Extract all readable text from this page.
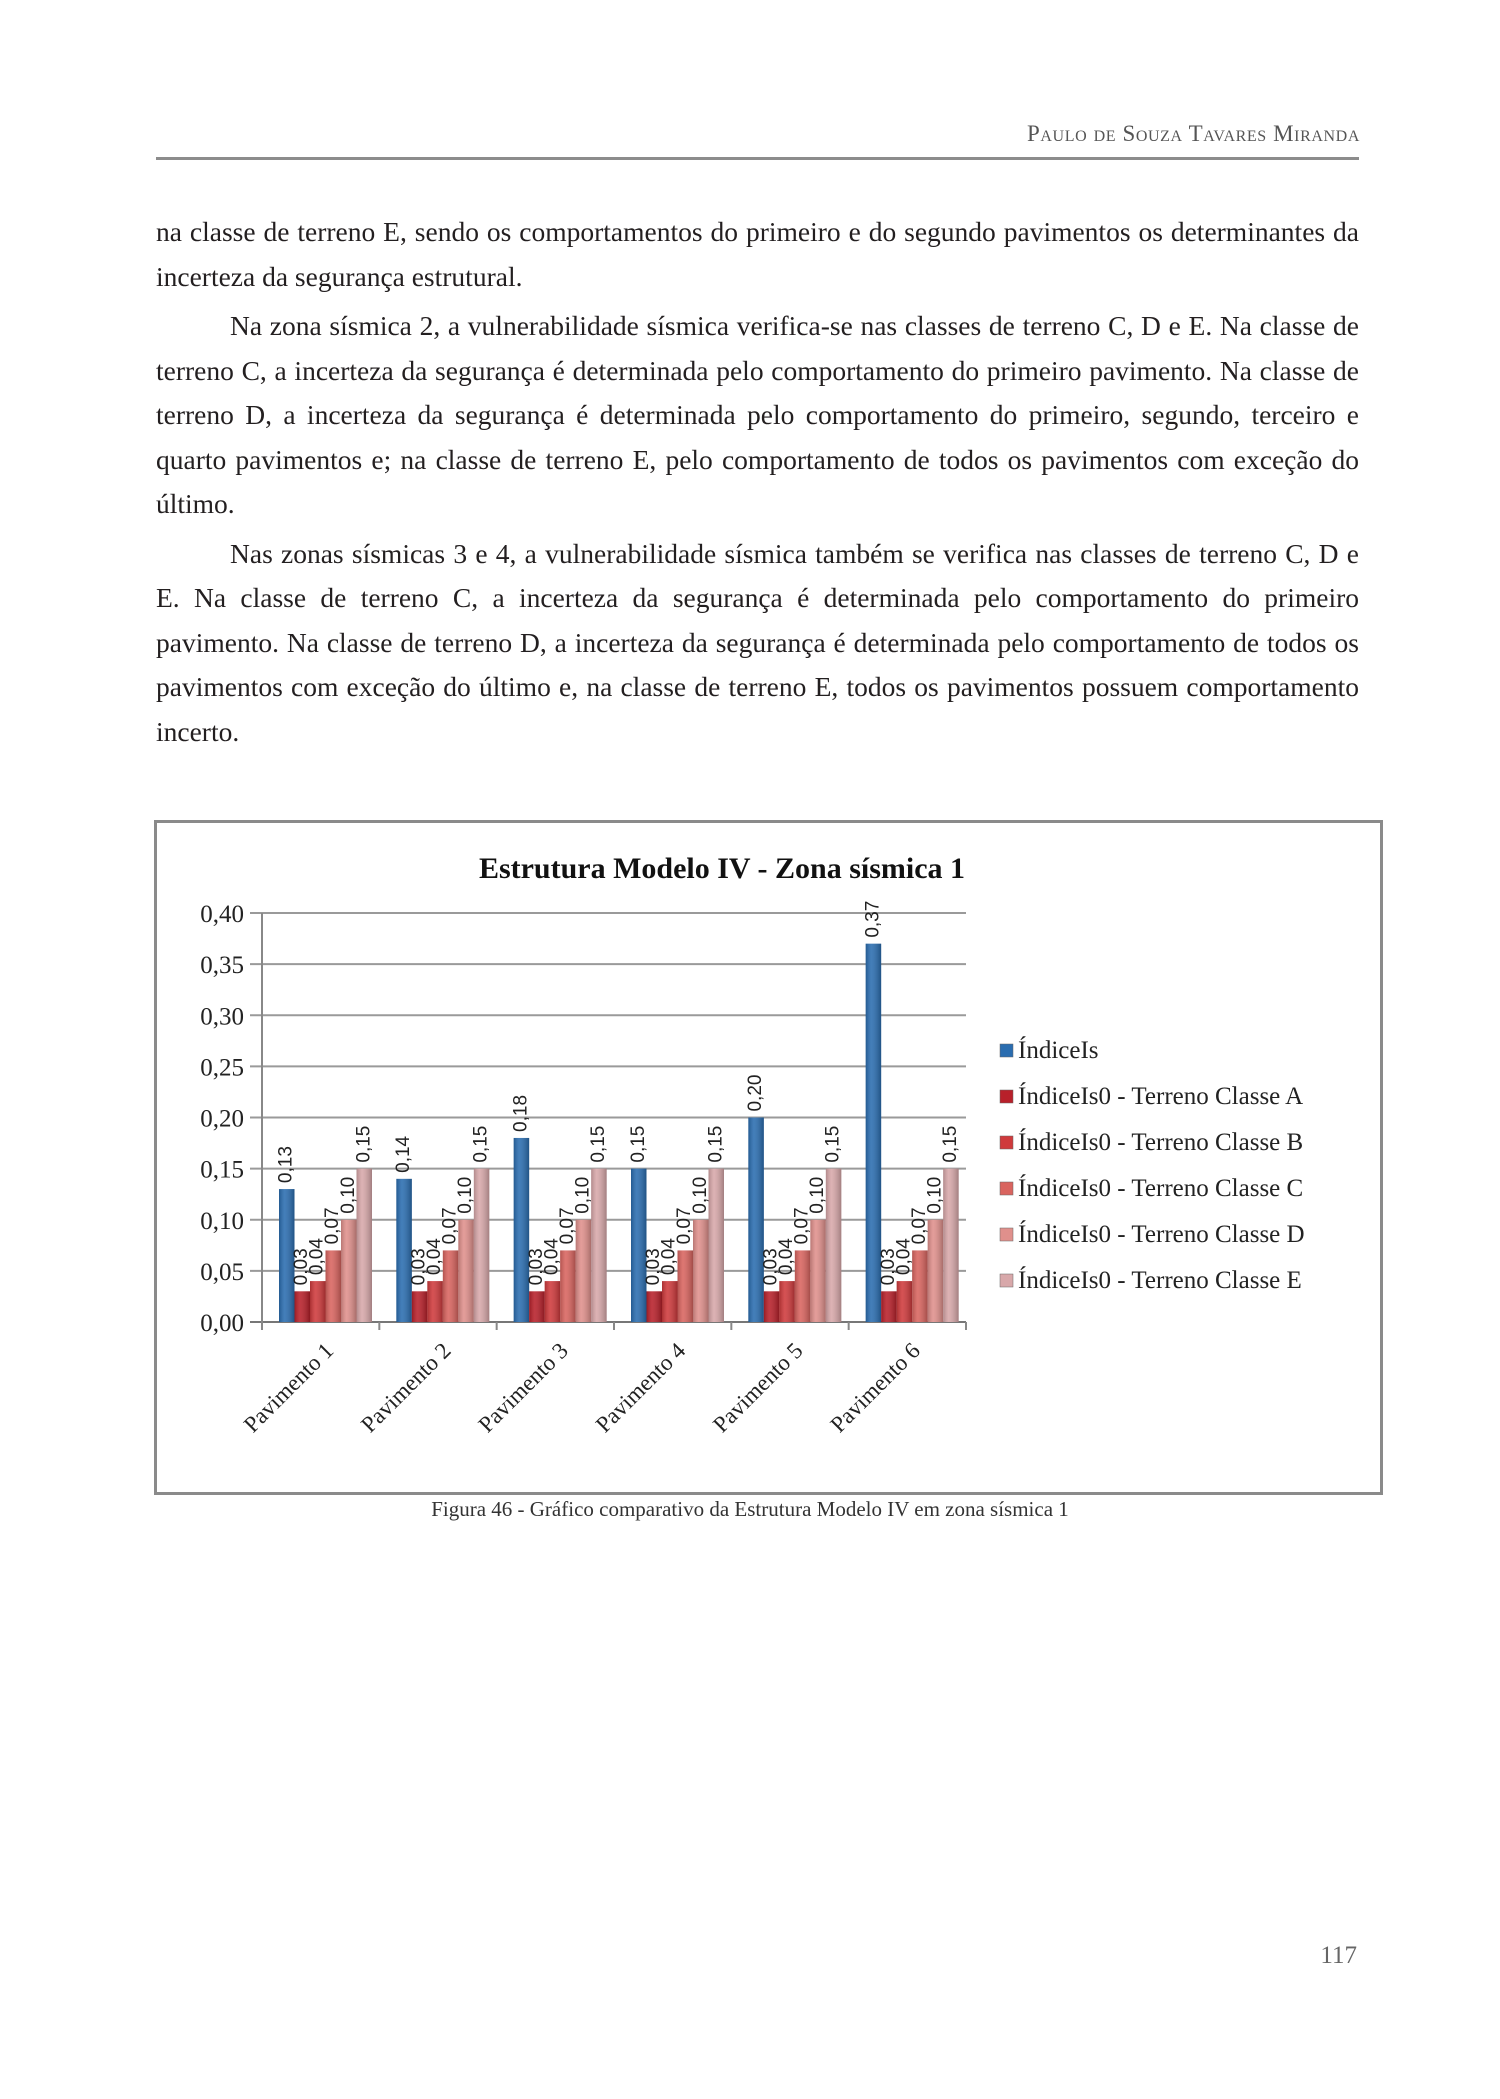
Paulo de Souza Tavares Miranda

na classe de terreno E, sendo os comportamentos do primeiro e do segundo pavimentos os determinantes da incerteza da segurança estrutural.

Na zona sísmica 2, a vulnerabilidade sísmica verifica-se nas classes de terreno C, D e E. Na classe de terreno C, a incerteza da segurança é determinada pelo comportamento do primeiro pavimento. Na classe de terreno D, a incerteza da segurança é determinada pelo comportamento do primeiro, segundo, terceiro e quarto pavimentos e; na classe de terreno E, pelo comportamento de todos os pavimentos com exceção do último.

Nas zonas sísmicas 3 e 4, a vulnerabilidade sísmica também se verifica nas classes de terreno C, D e E. Na classe de terreno C, a incerteza da segurança é determinada pelo comportamento do primeiro pavimento. Na classe de terreno D, a incerteza da segurança é determinada pelo comportamento de todos os pavimentos com exceção do último e, na classe de terreno E, todos os pavimentos possuem comportamento incerto.

Estrutura Modelo IV - Zona sísmica 1
0,00
0,05
0,10
0,15
0,20
0,25
0,30
0,35
0,40
0,13
0,03
0,04
0,07
0,10
0,15 0,14
0,03
0,04
0,07
0,10
0,15
0,18
0,03
0,04
0,07
0,10
0,15 0,15
0,03
0,04
0,07
0,10
0,15
0,20
0,03
0,04
0,07
0,10
0,15
0,37
0,03
0,04
0,07
0,10
0,15
Pavimento 1 Pavimento 2 Pavimento 3 Pavimento 4 Pavimento 5 Pavimento 6
ÍndiceIs
ÍndiceIs0 - Terreno Classe A
ÍndiceIs0 - Terreno Classe B
ÍndiceIs0 - Terreno Classe C
ÍndiceIs0 - Terreno Classe D
ÍndiceIs0 - Terreno Classe E
Figura 46 - Gráfico comparativo da Estrutura Modelo IV em zona sísmica 1
117
